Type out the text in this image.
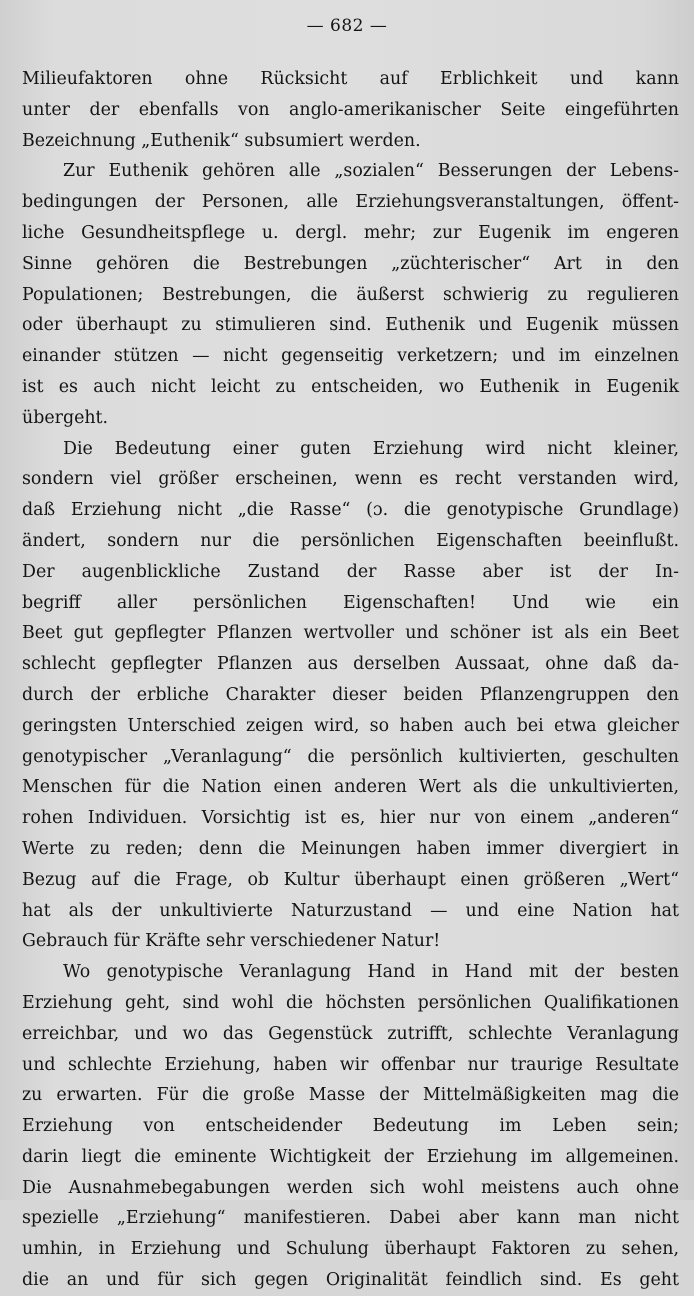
— 682 —
Milieufaktoren ohne Rücksicht auf Erblichkeit und kann
unter der ebenfalls von anglo-amerikanischer Seite eingeführten
Bezeichnung „Euthenik“ subsumiert werden.
Zur Euthenik gehören alle „sozialen“ Besserungen der Lebens-
bedingungen der Personen, alle Erziehungsveranstaltungen, öffent-
liche Gesundheitspflege u. dergl. mehr; zur Eugenik im engeren
Sinne gehören die Bestrebungen „züchterischer“ Art in den
Populationen; Bestrebungen, die äußerst schwierig zu regulieren
oder überhaupt zu stimulieren sind. Euthenik und Eugenik müssen
einander stützen — nicht gegenseitig verketzern; und im einzelnen
ist es auch nicht leicht zu entscheiden, wo Euthenik in Eugenik
übergeht.
Die Bedeutung einer guten Erziehung wird nicht kleiner,
sondern viel größer erscheinen, wenn es recht verstanden wird,
daß Erziehung nicht „die Rasse“ (ɔ. die genotypische Grundlage)
ändert, sondern nur die persönlichen Eigenschaften beeinflußt.
Der augenblickliche Zustand der Rasse aber ist der In-
begriff aller persönlichen Eigenschaften! Und wie ein
Beet gut gepflegter Pflanzen wertvoller und schöner ist als ein Beet
schlecht gepflegter Pflanzen aus derselben Aussaat, ohne daß da-
durch der erbliche Charakter dieser beiden Pflanzengruppen den
geringsten Unterschied zeigen wird, so haben auch bei etwa gleicher
genotypischer „Veranlagung“ die persönlich kultivierten, geschulten
Menschen für die Nation einen anderen Wert als die unkultivierten,
rohen Individuen. Vorsichtig ist es, hier nur von einem „anderen“
Werte zu reden; denn die Meinungen haben immer divergiert in
Bezug auf die Frage, ob Kultur überhaupt einen größeren „Wert“
hat als der unkultivierte Naturzustand — und eine Nation hat
Gebrauch für Kräfte sehr verschiedener Natur!
Wo genotypische Veranlagung Hand in Hand mit der besten
Erziehung geht, sind wohl die höchsten persönlichen Qualifikationen
erreichbar, und wo das Gegenstück zutrifft, schlechte Veranlagung
und schlechte Erziehung, haben wir offenbar nur traurige Resultate
zu erwarten. Für die große Masse der Mittelmäßigkeiten mag die
Erziehung von entscheidender Bedeutung im Leben sein;
darin liegt die eminente Wichtigkeit der Erziehung im allgemeinen.
Die Ausnahmebegabungen werden sich wohl meistens auch ohne
spezielle „Erziehung“ manifestieren. Dabei aber kann man nicht
umhin, in Erziehung und Schulung überhaupt Faktoren zu sehen,
die an und für sich gegen Originalität feindlich sind. Es geht
